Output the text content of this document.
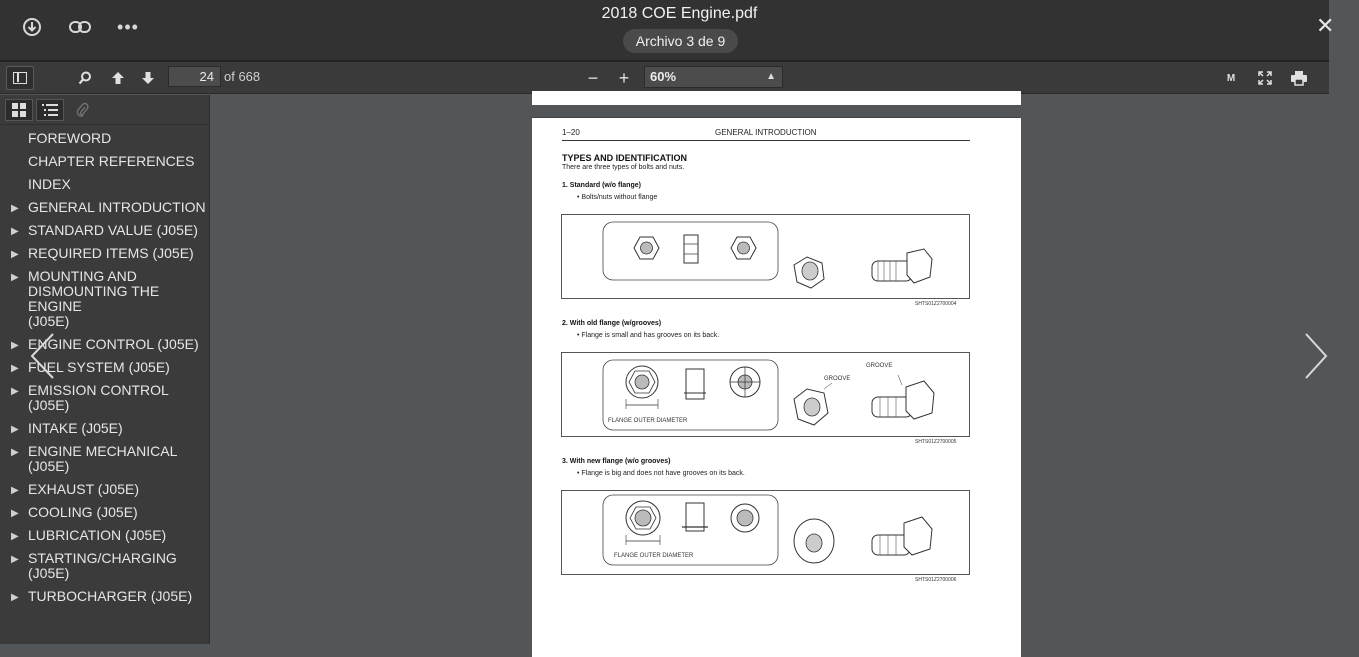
•••
2018 COE Engine.pdf
Archivo 3 de 9
✕
24 of 668	− +	60%	▲	M
FOREWORD
CHAPTER REFERENCES
INDEX
▶ GENERAL INTRODUCTION
▶ STANDARD VALUE (J05E)
▶ REQUIRED ITEMS (J05E)
▶ MOUNTING AND
DISMOUNTING THE ENGINE
(J05E)
▶ ENGINE CONTROL (J05E)
▶ FUEL SYSTEM (J05E)
▶ EMISSION CONTROL (J05E)
▶ INTAKE (J05E)
▶ ENGINE MECHANICAL
(J05E)
▶ EXHAUST (J05E)
▶ COOLING (J05E)
▶ LUBRICATION (J05E)
▶ STARTING/CHARGING
(J05E)
▶ TURBOCHARGER (J05E)
1–20	GENERAL INTRODUCTION
TYPES AND IDENTIFICATION
There are three types of bolts and nuts.
1. Standard (w/o flange)
• Bolts/nuts without flange
SHTS01Z2700004
2. With old flange (w/grooves)
• Flange is small and has grooves on its back.
FLANGE OUTER DIAMETER
GROOVE
GROOVE
SHTS01Z2700005
3. With new flange (w/o grooves)
• Flange is big and does not have grooves on its back.
FLANGE OUTER DIAMETER
SHTS01Z2700006
